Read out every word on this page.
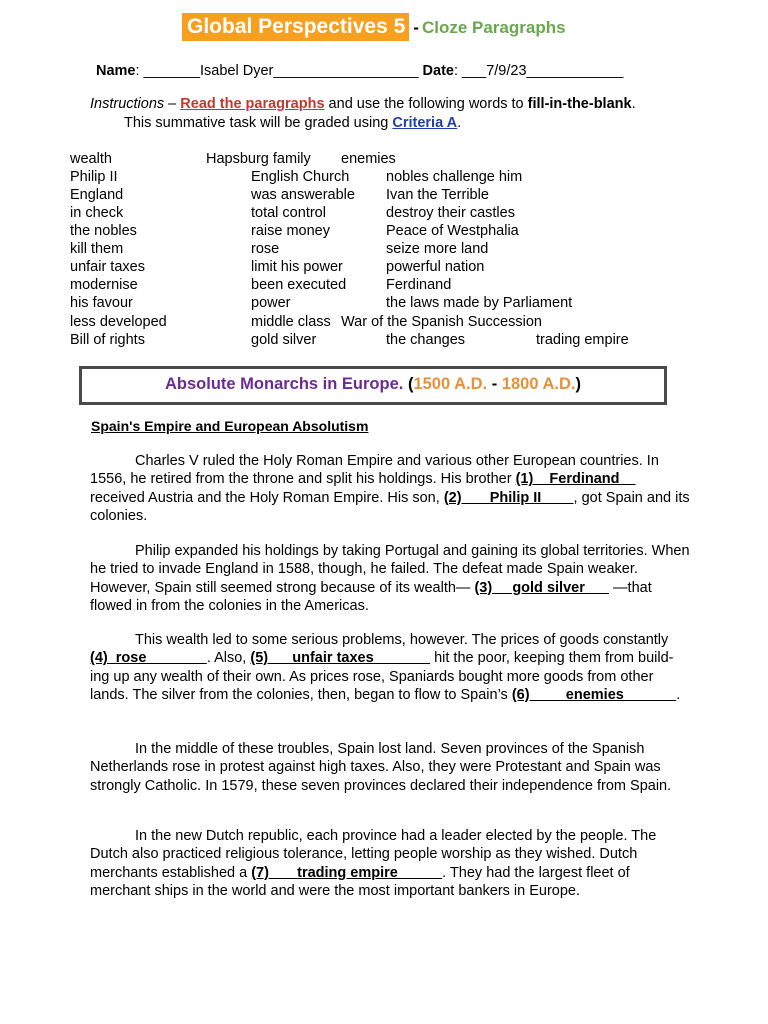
Global Perspectives 5 - Cloze Paragraphs
Name: _______Isabel Dyer__________________ Date: ___7/9/23____________
Instructions – Read the paragraphs and use the following words to fill-in-the-blank.
This summative task will be graded using Criteria A.
wealth
Philip II
England
in check
the nobles
kill them
unfair taxes
modernise
his favour
less developed
Bill of rights
Hapsburg family enemies
English Church
was answerable
total control
raise money
rose
limit his power
been executed
power
middle class
gold silver
nobles challenge him
Ivan the Terrible
destroy their castles
Peace of Westphalia
seize more land
powerful nation
Ferdinand
the laws made by Parliament
War of the Spanish Succession
the changes	trading empire
Absolute Monarchs in Europe. (1500 A.D. - 1800 A.D.)
Spain's Empire and European Absolutism

Charles V ruled the Holy Roman Empire and various other European countries. In 1556, he retired from the throne and split his holdings. His brother (1)    Ferdinand     received Austria and the Holy Roman Empire. His son, (2)       Philip II        , got Spain and its colonies.

Philip expanded his holdings by taking Portugal and gaining its global territories. When he tried to invade England in 1588, though, he failed. The defeat made Spain weaker. However, Spain still seemed strong because of its wealth— (3)     gold silver       —that flowed in from the colonies in the Americas.

This wealth led to some serious problems, however. The prices of goods constantly (4)  rose               . Also, (5)      unfair taxes               hit the poor, keeping them from build- ing up any wealth of their own. As prices rose, Spaniards bought more goods from other lands. The silver from the colonies, then, began to flow to Spain’s (6)         enemies             .

In the middle of these troubles, Spain lost land. Seven provinces of the Spanish Netherlands rose in protest against high taxes. Also, they were Protestant and Spain was strongly Catholic. In 1579, these seven provinces declared their independence from Spain.

In the new Dutch republic, each province had a leader elected by the people. The Dutch also practiced religious tolerance, letting people worship as they wished. Dutch merchants established a (7)       trading empire           . They had the largest fleet of merchant ships in the world and were the most important bankers in Europe.
